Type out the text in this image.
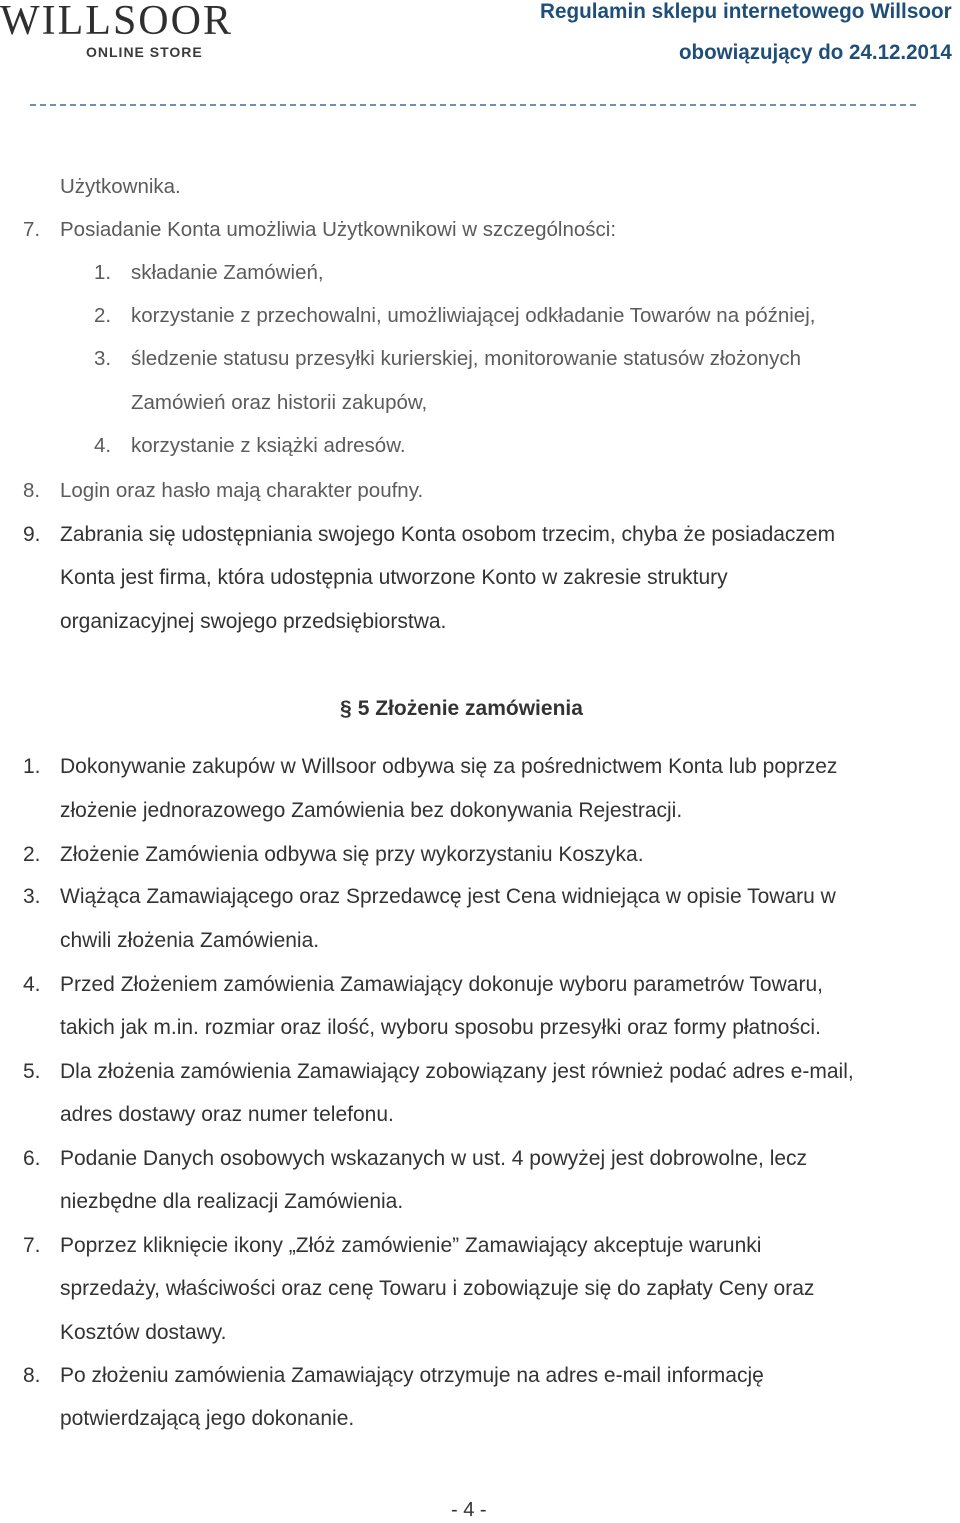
WILLSOOR
ONLINE STORE
Regulamin sklepu internetowego Willsoor
obowiązujący do 24.12.2014
Użytkownika.
7. Posiadanie Konta umożliwia Użytkownikowi w szczególności:
1. składanie Zamówień,
2. korzystanie z przechowalni, umożliwiającej odkładanie Towarów na później,
3. śledzenie statusu przesyłki kurierskiej, monitorowanie statusów złożonych
Zamówień oraz historii zakupów,
4. korzystanie z książki adresów.
8. Login oraz hasło mają charakter poufny.
9. Zabrania się udostępniania swojego Konta osobom trzecim, chyba że posiadaczem
Konta jest firma, która udostępnia utworzone Konto w zakresie struktury
organizacyjnej swojego przedsiębiorstwa.
§ 5 Złożenie zamówienia
1. Dokonywanie zakupów w Willsoor odbywa się za pośrednictwem Konta lub poprzez
złożenie jednorazowego Zamówienia bez dokonywania Rejestracji.
2. Złożenie Zamówienia odbywa się przy wykorzystaniu Koszyka.
3. Wiążąca Zamawiającego oraz Sprzedawcę jest Cena widniejąca w opisie Towaru w
chwili złożenia Zamówienia.
4. Przed Złożeniem zamówienia Zamawiający dokonuje wyboru parametrów Towaru,
takich jak m.in. rozmiar oraz ilość, wyboru sposobu przesyłki oraz formy płatności.
5. Dla złożenia zamówienia Zamawiający zobowiązany jest również podać adres e-mail,
adres dostawy oraz numer telefonu.
6. Podanie Danych osobowych wskazanych w ust. 4 powyżej jest dobrowolne, lecz
niezbędne dla realizacji Zamówienia.
7. Poprzez kliknięcie ikony „Złóż zamówienie” Zamawiający akceptuje warunki
sprzedaży, właściwości oraz cenę Towaru i zobowiązuje się do zapłaty Ceny oraz
Kosztów dostawy.
8. Po złożeniu zamówienia Zamawiający otrzymuje na adres e-mail informację
potwierdzającą jego dokonanie.
- 4 -
